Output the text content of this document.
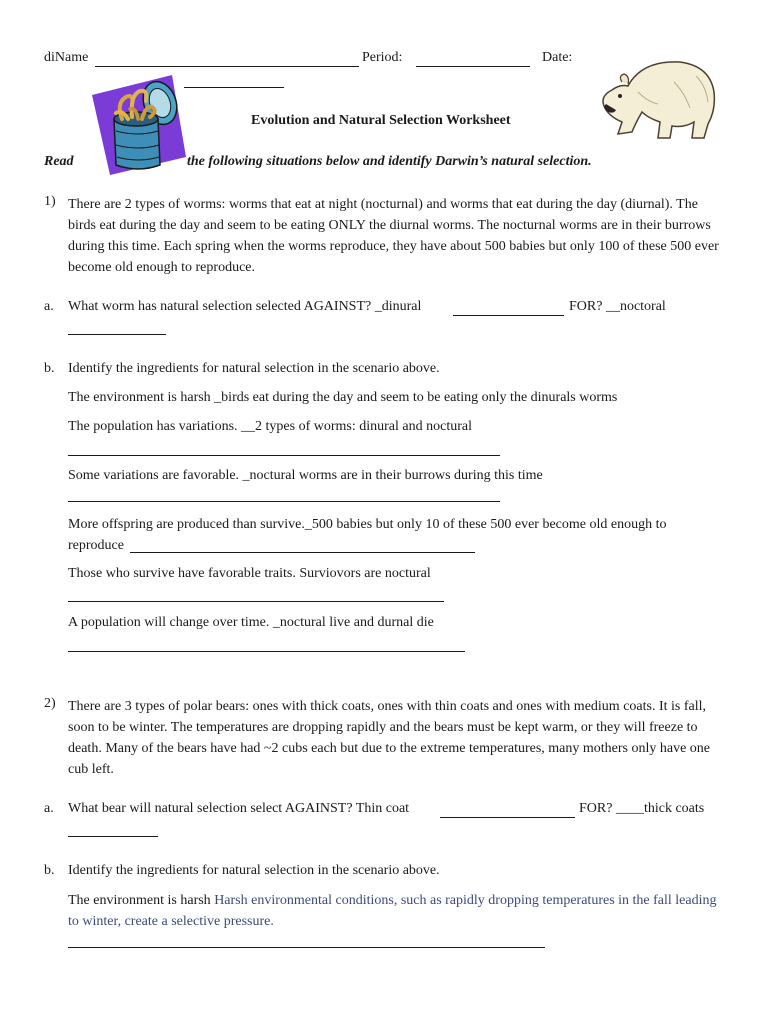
diName	Period:	Date:
Evolution and Natural Selection Worksheet
Read	the following situations below and identify Darwin’s natural selection.
1) There are 2 types of worms: worms that eat at night (nocturnal) and worms that eat during the day (diurnal). The birds eat during the day and seem to be eating ONLY the diurnal worms. The nocturnal worms are in their burrows during this time. Each spring when the worms reproduce, they have about 500 babies but only 100 of these 500 ever become old enough to reproduce.
a. What worm has natural selection selected AGAINST? _dinural	FOR? __noctoral
b. Identify the ingredients for natural selection in the scenario above.
The environment is harsh _birds eat during the day and seem to be eating only the dinurals worms
The population has variations. __2 types of worms: dinural and noctural
Some variations are favorable. _noctural worms are in their burrows during this time
More offspring are produced than survive._500 babies but only 10 of these 500 ever become old enough to
reproduce
Those who survive have favorable traits. Surviovors are noctural
A population will change over time. _noctural live and durnal die
2) There are 3 types of polar bears: ones with thick coats, ones with thin coats and ones with medium coats. It is fall, soon to be winter. The temperatures are dropping rapidly and the bears must be kept warm, or they will freeze to death. Many of the bears have had ~2 cubs each but due to the extreme temperatures, many mothers only have one cub left.
a. What bear will natural selection select AGAINST? Thin coat	FOR? ____thick coats
b. Identify the ingredients for natural selection in the scenario above.
The environment is harsh Harsh environmental conditions, such as rapidly dropping temperatures in the fall leading to winter, create a selective pressure.
